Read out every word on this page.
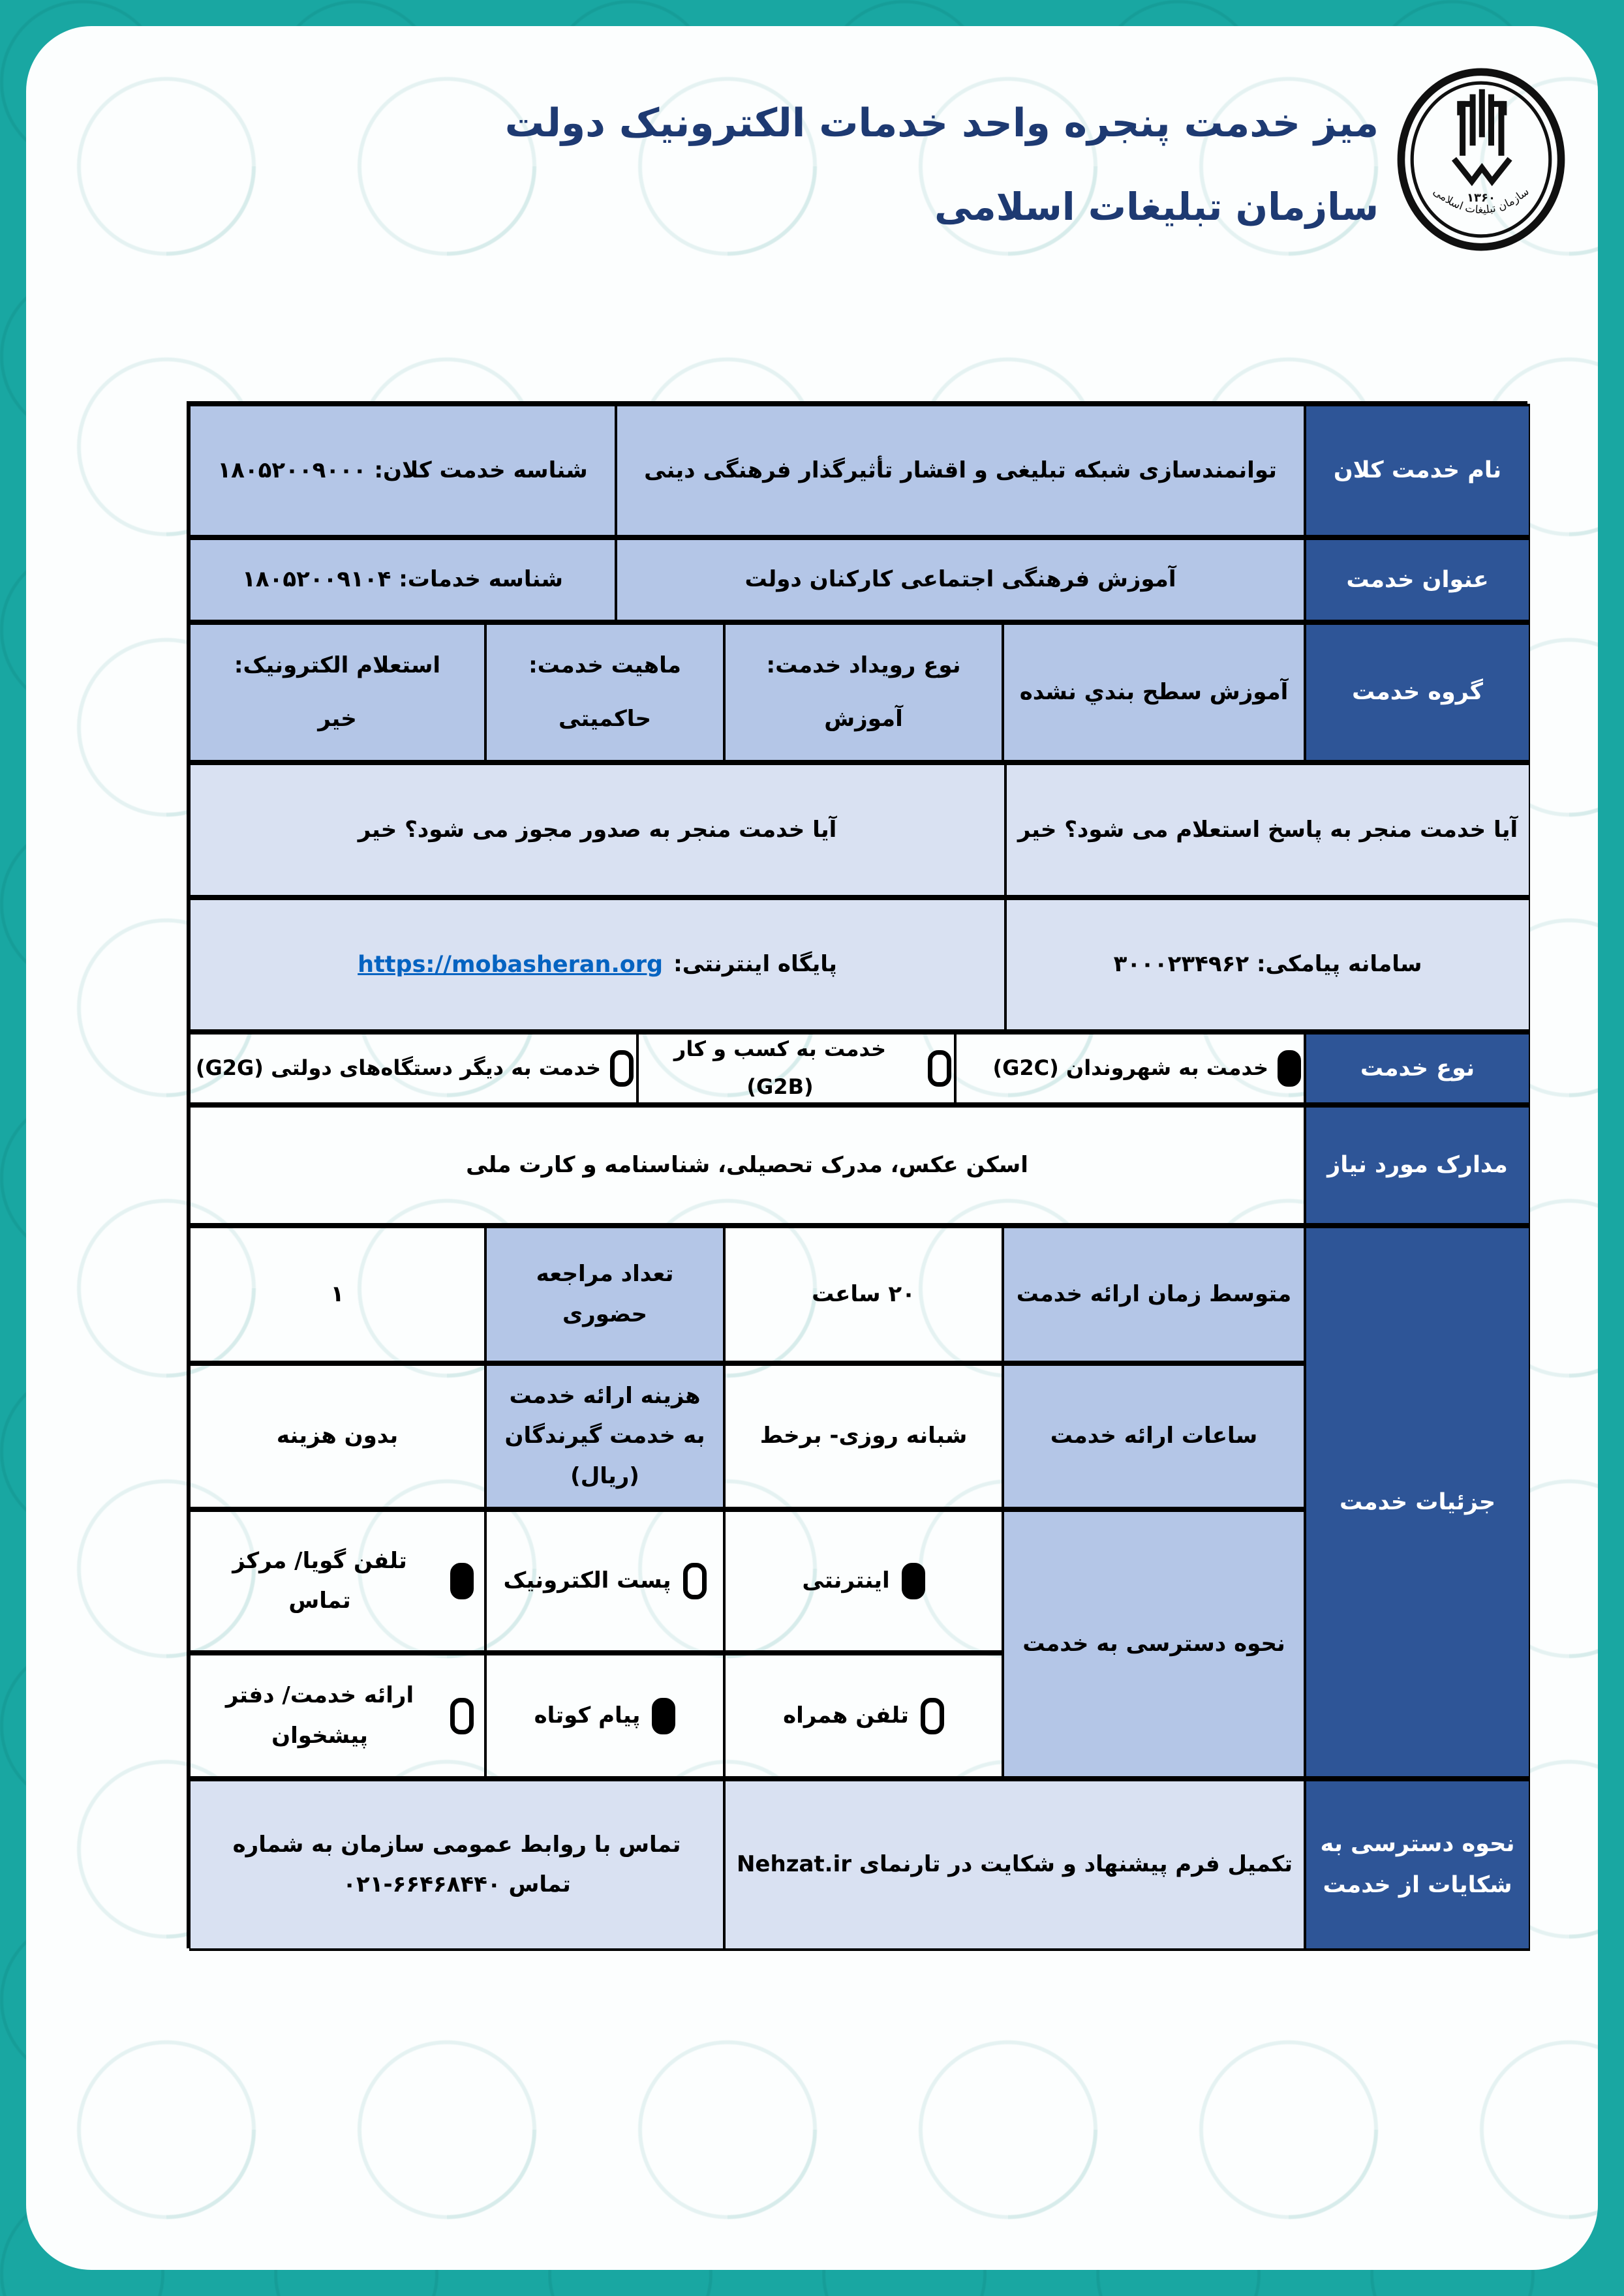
۱۳۶۰
سازمان تبلیغات اسلامی
میز خدمت پنجره واحد خدمات الکترونیک دولت
سازمان تبلیغات اسلامی
نام خدمت کلان
توانمندسازی شبکه تبلیغی و اقشار تأثیرگذار فرهنگی دینی
شناسه خدمت کلان: ۱۸۰۵۲۰۰۹۰۰۰
عنوان خدمت
آموزش فرهنگی اجتماعی کارکنان دولت
شناسه خدمات: ۱۸۰۵۲۰۰۹۱۰۴
گروه خدمت
آموزش سطح بندي نشده
نوع رویداد خدمت:
آموزش
ماهیت خدمت:
حاکمیتی
استعلام الکترونیک:
خیر
آیا خدمت منجر به پاسخ استعلام می شود؟ خیر
آیا خدمت منجر به صدور مجوز می شود؟ خیر
سامانه پیامکی: ۳۰۰۰۲۳۴۹۶۲
پایگاه اینترنتی:
https://mobasheran.org
نوع خدمت
خدمت به شهروندان (G2C)
خدمت به کسب و کار (G2B)
خدمت به دیگر دستگاه‌های دولتی (G2G)
مدارک مورد نیاز
اسکن عکس، مدرک تحصیلی، شناسنامه و کارت ملی
جزئیات خدمت
متوسط زمان ارائه خدمت
۲۰ ساعت
تعداد مراجعه حضوری
۱
ساعات ارائه خدمت
شبانه روزی- برخط
هزینه ارائه خدمت به خدمت گیرندگان (ریال)
بدون هزینه
نحوه دسترسی به خدمت
اینترنتی
پست الکترونیک
تلفن گویا/ مرکز تماس
تلفن همراه
پیام کوتاه
ارائه خدمت/ دفتر پیشخوان
نحوه دسترسی به شکایات از خدمت
تکمیل فرم پیشنهاد و شکایت در تارنمای Nehzat.ir
تماس با روابط عمومی سازمان به شماره تماس ۶۶۴۶۸۴۴۰-۰۲۱
